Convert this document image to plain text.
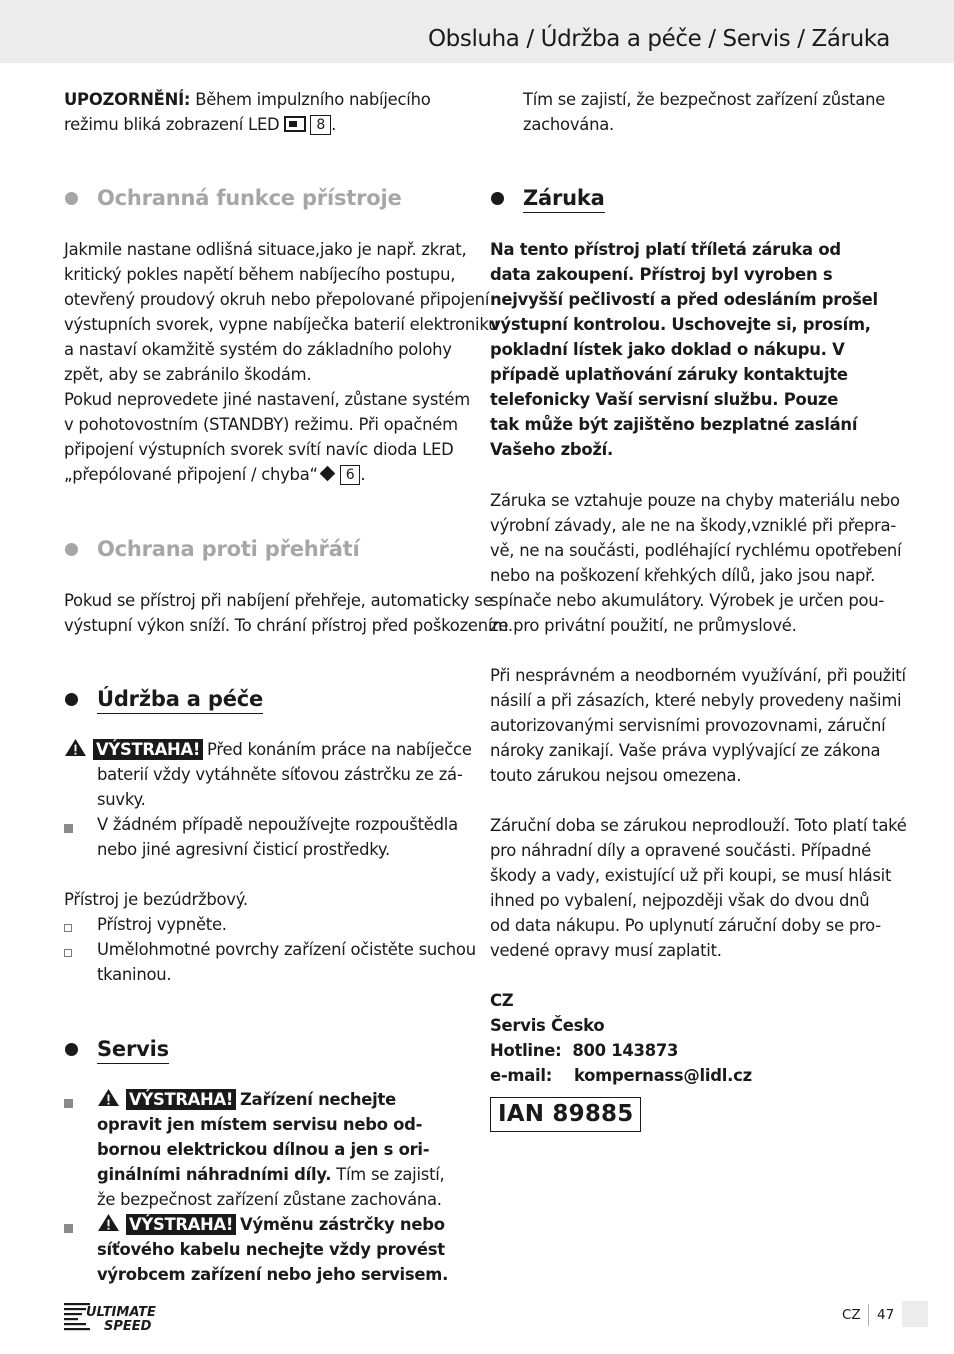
Obsluha / Údržba a péče / Servis / Záruka

UPOZORNĚNÍ: Během impulzního nabíjecího

režimu bliká zobrazení LED	8 .

Ochranná funkce přístroje

Jakmile nastane odlišná situace,jako je např. zkrat,

kritický pokles napětí během nabíjecího postupu,

otevřený proudový okruh nebo přepolované připojení

výstupních svorek, vypne nabíječka baterií elektroniku

a nastaví okamžitě systém do základního polohy

zpět, aby se zabránilo škodám.

Pokud neprovedete jiné nastavení, zůstane systém

v pohotovostním (STANDBY) režimu. Při opačném

připojení výstupních svorek svítí navíc dioda LED

„přepólované připojení / chyba“ 6 .

Ochrana proti přehřátí

Pokud se přístroj při nabíjení přehřeje, automaticky se

výstupní výkon sníží. To chrání přístroj před poškozením.

Údržba a péče

VÝSTRAHA! Před konáním práce na nabíječce

baterií vždy vytáhněte síťovou zástrčku ze zá-

suvky.

V žádném případě nepoužívejte rozpouštědla

nebo jiné agresivní čisticí prostředky.

Přístroj je bezúdržbový.

Přístroj vypněte.

Umělohmotné povrchy zařízení očistěte suchou

tkaninou.

Servis

VÝSTRAHA! Zařízení nechejte

opravit jen místem servisu nebo od-

bornou elektrickou dílnou a jen s ori-

ginálními náhradními díly. Tím se zajistí,

že bezpečnost zařízení zůstane zachována.

VÝSTRAHA! Výměnu zástrčky nebo

síťového kabelu nechejte vždy provést

výrobcem zařízení nebo jeho servisem.

Tím se zajistí, že bezpečnost zařízení zůstane

zachována.

Záruka

Na tento přístroj platí tříletá záruka od

data zakoupení. Přístroj byl vyroben s

nejvyšší pečlivostí a před odesláním prošel

výstupní kontrolou. Uschovejte si, prosím,

pokladní lístek jako doklad o nákupu. V

případě uplatňování záruky kontaktujte

telefonicky Vaší servisní službu. Pouze

tak může být zajištěno bezplatné zaslání

Vašeho zboží.

Záruka se vztahuje pouze na chyby materiálu nebo

výrobní závady, ale ne na škody,vzniklé při přepra-

vě, ne na součásti, podléhající rychlému opotřebení

nebo na poškození křehkých dílů, jako jsou např.

spínače nebo akumulátory. Výrobek je určen pou-

ze pro privátní použití, ne průmyslové.

Při nesprávném a neodborném využívání, při použití

násilí a při zásazích, které nebyly provedeny našimi

autorizovanými servisními provozovnami, záruční

nároky zanikají. Vaše práva vyplývající ze zákona

touto zárukou nejsou omezena.

Záruční doba se zárukou neprodlouží. Toto platí také

pro náhradní díly a opravené součásti. Případné

škody a vady, existující už při koupi, se musí hlásit

ihned po vybalení, nejpozději však do dvou dnů

od data nákupu. Po uplynutí záruční doby se pro-

vedené opravy musí zaplatit.

CZ

Servis Česko

Hotline: 800 143873

e-mail: kompernass@lidl.cz

IAN 89885
ULTIMATE
SPEED
CZ 47
